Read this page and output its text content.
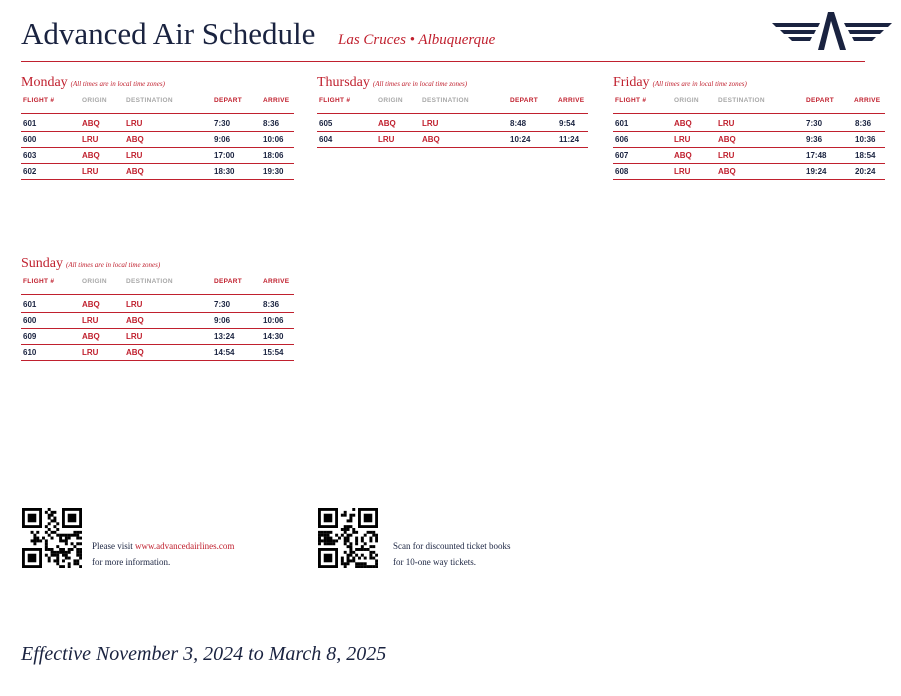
Advanced Air Schedule Las Cruces • Albuquerque
Monday (All times are in local time zones)
FLIGHT #	ORIGIN	DESTINATION	DEPART	ARRIVE
601	ABQ	LRU	7:30	8:36
600	LRU	ABQ	9:06	10:06
603	ABQ	LRU	17:00	18:06
602	LRU	ABQ	18:30	19:30
Thursday (All times are in local time zones)
FLIGHT #	ORIGIN	DESTINATION	DEPART	ARRIVE
605	ABQ	LRU	8:48	9:54
604	LRU	ABQ	10:24	11:24
Friday (All times are in local time zones)
FLIGHT #	ORIGIN	DESTINATION	DEPART	ARRIVE
601	ABQ	LRU	7:30	8:36
606	LRU	ABQ	9:36	10:36
607	ABQ	LRU	17:48	18:54
608	LRU	ABQ	19:24	20:24
Sunday (All times are in local time zones)
FLIGHT #	ORIGIN	DESTINATION	DEPART	ARRIVE
601	ABQ	LRU	7:30	8:36
600	LRU	ABQ	9:06	10:06
609	ABQ	LRU	13:24	14:30
610	LRU	ABQ	14:54	15:54
Please visit www.advancedairlines.com
for more information.
Scan for discounted ticket books
for 10-one way tickets.
Effective November 3, 2024 to March 8, 2025
